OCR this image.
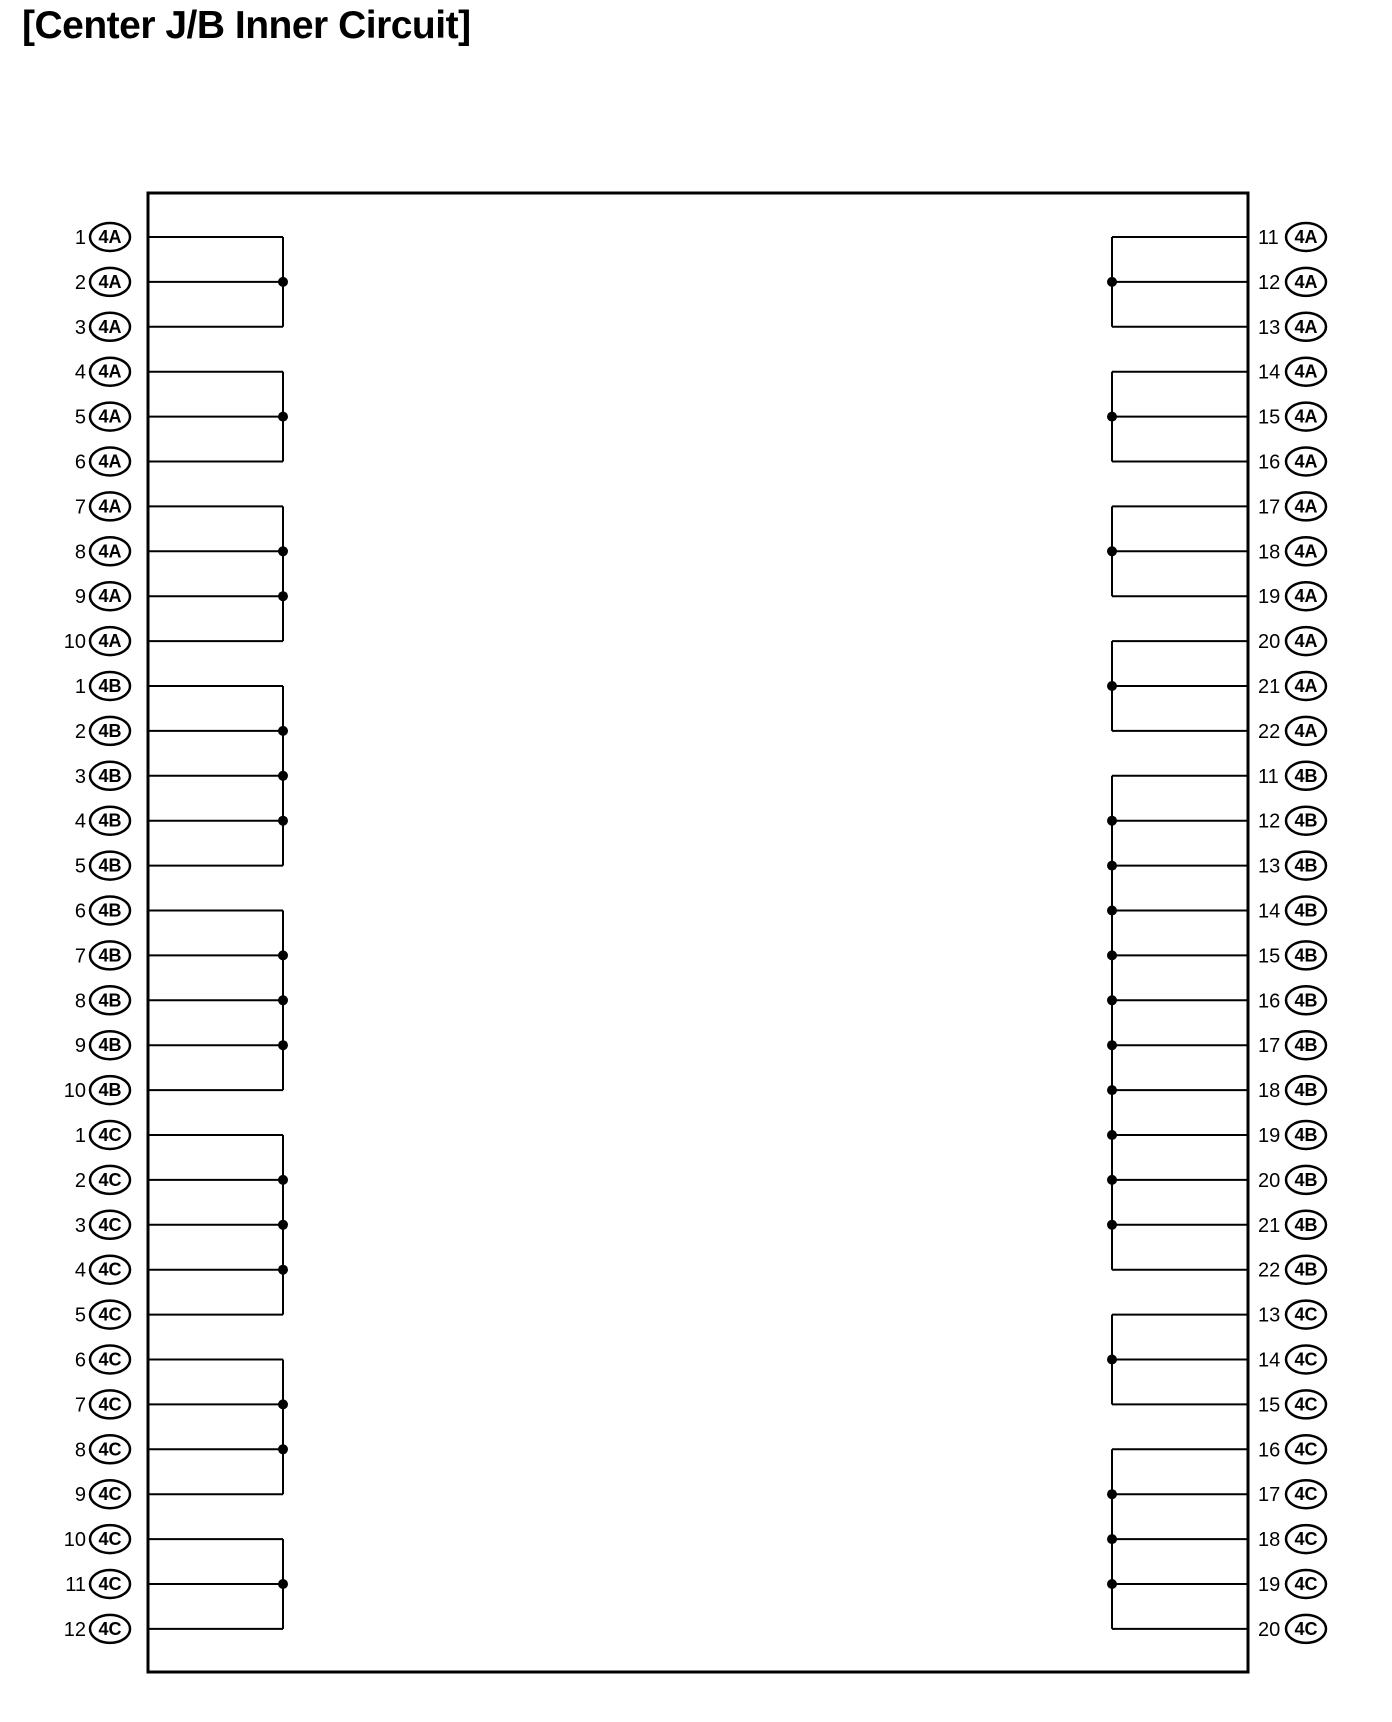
[Center J/B Inner Circuit]
1 4A
2 4A
3 4A
4 4A
5 4A
6 4A
7 4A
8 4A
9 4A
10 4A
1 4B
2 4B
3 4B
4 4B
5 4B
6 4B
7 4B
8 4B
9 4B
10 4B
1 4C
2 4C
3 4C
4 4C
5 4C
6 4C
7 4C
8 4C
9 4C
10 4C
11 4C
12 4C
11 4A
12 4A
13 4A
14 4A
15 4A
16 4A
17 4A
18 4A
19 4A
20 4A
21 4A
22 4A
11 4B
12 4B
13 4B
14 4B
15 4B
16 4B
17 4B
18 4B
19 4B
20 4B
21 4B
22 4B
13 4C
14 4C
15 4C
16 4C
17 4C
18 4C
19 4C
20 4C
